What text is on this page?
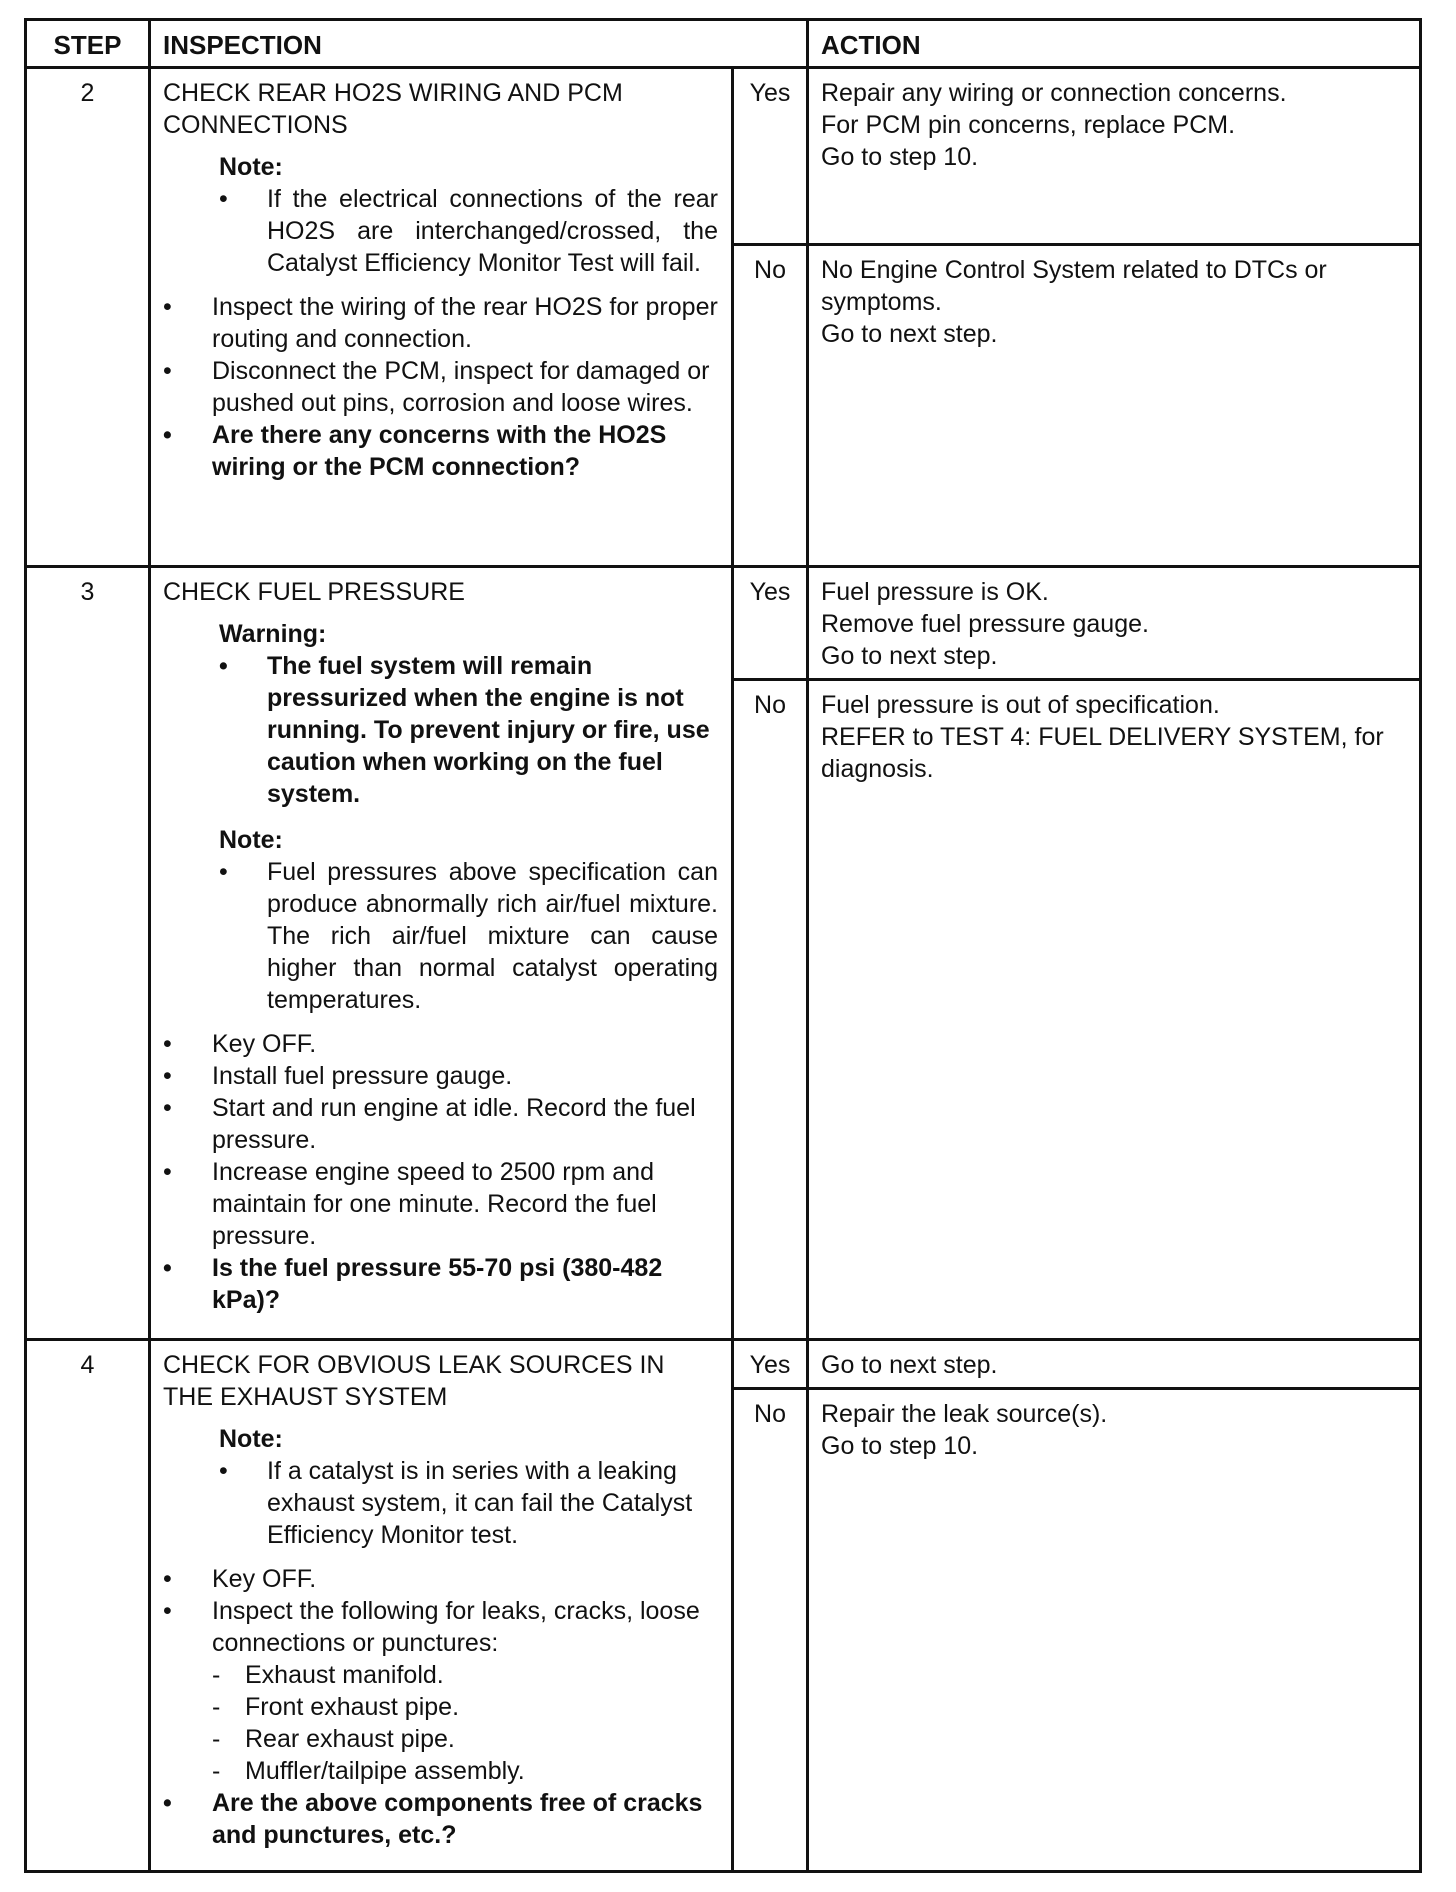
STEP	INSPECTION	ACTION
2	CHECK REAR HO2S WIRING AND PCM CONNECTIONS
Note:
•	If the electrical connections of the rear HO2S are interchanged/crossed, the Catalyst Efficiency Monitor Test will fail.
•	Inspect the wiring of the rear HO2S for proper routing and connection.
•	Disconnect the PCM, inspect for damaged or pushed out pins, corrosion and loose wires.
•	Are there any concerns with the HO2S wiring or the PCM connection?
Yes	Repair any wiring or connection concerns.
For PCM pin concerns, replace PCM.
Go to step 10.
No	No Engine Control System related to DTCs or symptoms.
Go to next step.
3	CHECK FUEL PRESSURE
Warning:
•	The fuel system will remain pressurized when the engine is not running. To prevent injury or fire, use caution when working on the fuel system.
Note:
•	Fuel pressures above specification can produce abnormally rich air/fuel mixture. The rich air/fuel mixture can cause higher than normal catalyst operating temperatures.
•	Key OFF.
•	Install fuel pressure gauge.
•	Start and run engine at idle. Record the fuel pressure.
•	Increase engine speed to 2500 rpm and maintain for one minute. Record the fuel pressure.
•	Is the fuel pressure 55-70 psi (380-482 kPa)?
Yes	Fuel pressure is OK.
Remove fuel pressure gauge.
Go to next step.
No	Fuel pressure is out of specification.
REFER to TEST 4: FUEL DELIVERY SYSTEM, for diagnosis.
4	CHECK FOR OBVIOUS LEAK SOURCES IN THE EXHAUST SYSTEM
Note:
•	If a catalyst is in series with a leaking exhaust system, it can fail the Catalyst Efficiency Monitor test.
•	Key OFF.
•	Inspect the following for leaks, cracks, loose connections or punctures:
- Exhaust manifold.
- Front exhaust pipe.
- Rear exhaust pipe.
- Muffler/tailpipe assembly.
•	Are the above components free of cracks and punctures, etc.?
Yes	Go to next step.
No	Repair the leak source(s).
Go to step 10.
